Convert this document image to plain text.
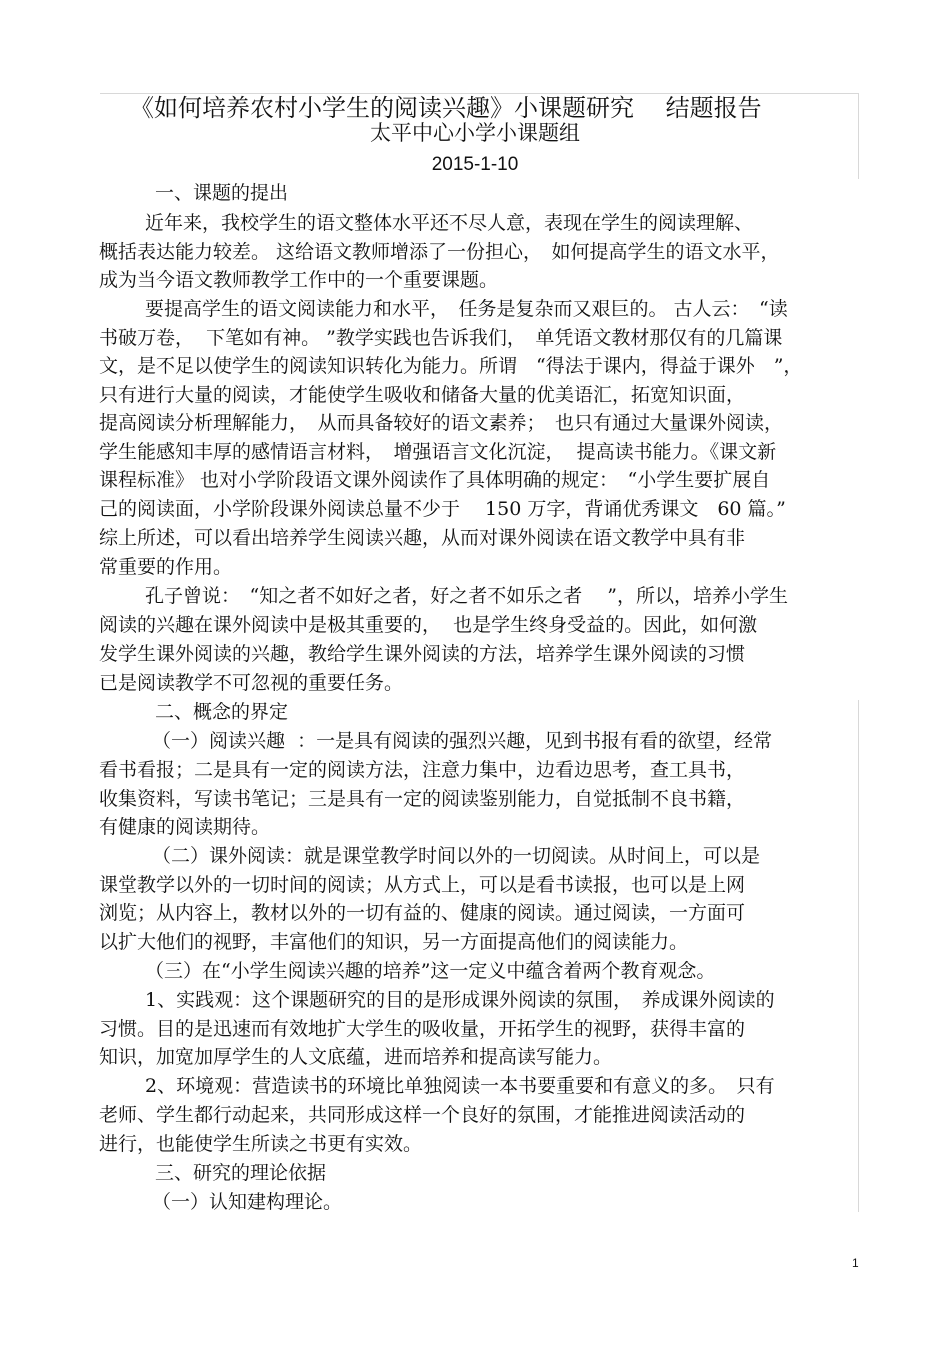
《如何培养农村小学生的阅读兴趣》小课题研究　 结题报告
太平中心小学小课题组
2015-1-10
一、课题的提出
近年来，我校学生的语文整体水平还不尽人意，表现在学生的阅读理解、
概括表达能力较差。 这给语文教师增添了一份担心，　如何提高学生的语文水平，
成为当今语文教师教学工作中的一个重要课题。
要提高学生的语文阅读能力和水平，　任务是复杂而又艰巨的。 古人云：　“读
书破万卷，  下笔如有神。 ”教学实践也告诉我们，　单凭语文教材那仅有的几篇课
文，是不足以使学生的阅读知识转化为能力。所谓　“得法于课内，得益于课外　”，
只有进行大量的阅读，才能使学生吸收和储备大量的优美语汇，拓宽知识面，
提高阅读分析理解能力，　从而具备较好的语文素养；　也只有通过大量课外阅读，
学生能感知丰厚的感情语言材料，　增强语言文化沉淀，  提高读书能力。《课文新
课程标准》 也对小学阶段语文课外阅读作了具体明确的规定：　“小学生要扩展自
己的阅读面，小学阶段课外阅读总量不少于　 150 万字，背诵优秀课文　60 篇。”
综上所述，可以看出培养学生阅读兴趣，从而对课外阅读在语文教学中具有非
常重要的作用。
孔子曾说：　“知之者不如好之者，好之者不如乐之者　 ”，所以，培养小学生
阅读的兴趣在课外阅读中是极其重要的，  也是学生终身受益的。因此，如何激
发学生课外阅读的兴趣，教给学生课外阅读的方法，培养学生课外阅读的习惯
已是阅读教学不可忽视的重要任务。
二、概念的界定
（一）阅读兴趣  ：一是具有阅读的强烈兴趣，见到书报有看的欲望，经常
看书看报；二是具有一定的阅读方法，注意力集中，边看边思考，查工具书，
收集资料，写读书笔记；三是具有一定的阅读鉴别能力，自觉抵制不良书籍，
有健康的阅读期待。
（二）课外阅读：就是课堂教学时间以外的一切阅读。从时间上，可以是
课堂教学以外的一切时间的阅读；从方式上，可以是看书读报，也可以是上网
浏览；从内容上，教材以外的一切有益的、健康的阅读。通过阅读，一方面可
以扩大他们的视野，丰富他们的知识，另一方面提高他们的阅读能力。
（三）在“小学生阅读兴趣的培养”这一定义中蕴含着两个教育观念。
1、实践观：这个课题研究的目的是形成课外阅读的氛围，　养成课外阅读的
习惯。目的是迅速而有效地扩大学生的吸收量，开拓学生的视野，获得丰富的
知识，加宽加厚学生的人文底蕴，进而培养和提高读写能力。
2、环境观：营造读书的环境比单独阅读一本书要重要和有意义的多。　只有
老师、学生都行动起来，共同形成这样一个良好的氛围，才能推进阅读活动的
进行，也能使学生所读之书更有实效。
三、研究的理论依据
（一）认知建构理论。
1
